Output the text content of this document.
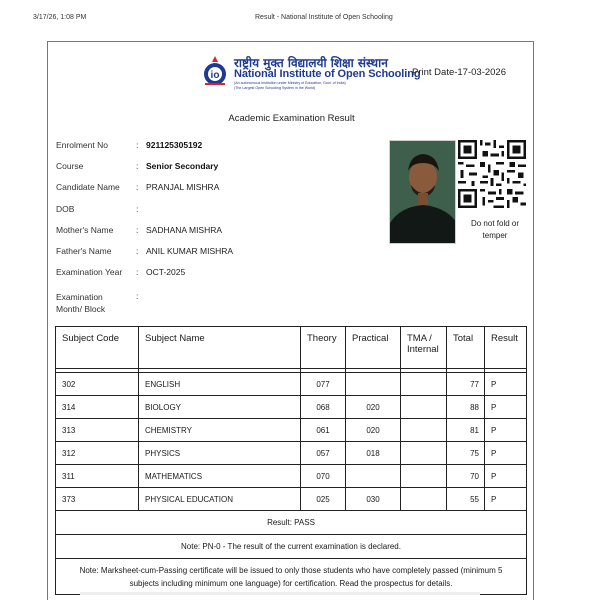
3/17/26, 1:08 PM	Result - National Institute of Open Schooling
io
राष्ट्रीय मुक्त विद्यालयी शिक्षा संस्थान
National Institute of Open Schooling
(An autonomous institution under Ministry of Education, Govt. of India)
(The Largest Open Schooling System in the World)
Print Date-17-03-2026
Academic Examination Result
Enrolment No	: 921125305192
Course	: Senior Secondary
Candidate Name : PRANJAL MISHRA
DOB	:
Mother's Name	: SADHANA MISHRA
Father's Name	: ANIL KUMAR MISHRA
Examination Year : OCT-2025
Examination
Month/ Block
:
Do not fold or temper
Subject Code	Subject Name	Theory	Practical	TMA / Internal	Total	Result

302	ENGLISH	077			77	P
314	BIOLOGY	068	020		88	P
313	CHEMISTRY	061	020		81	P
312	PHYSICS	057	018		75	P
311	MATHEMATICS	070			70	P
373	PHYSICAL EDUCATION	025	030		55	P
Result: PASS						
Note: PN-0 - The result of the current examination is declared.						
Note: Marksheet-cum-Passing certificate will be issued to only those students who have completely passed (minimum 5 subjects including minimum one language) for certification. Read the prospectus for details.						
